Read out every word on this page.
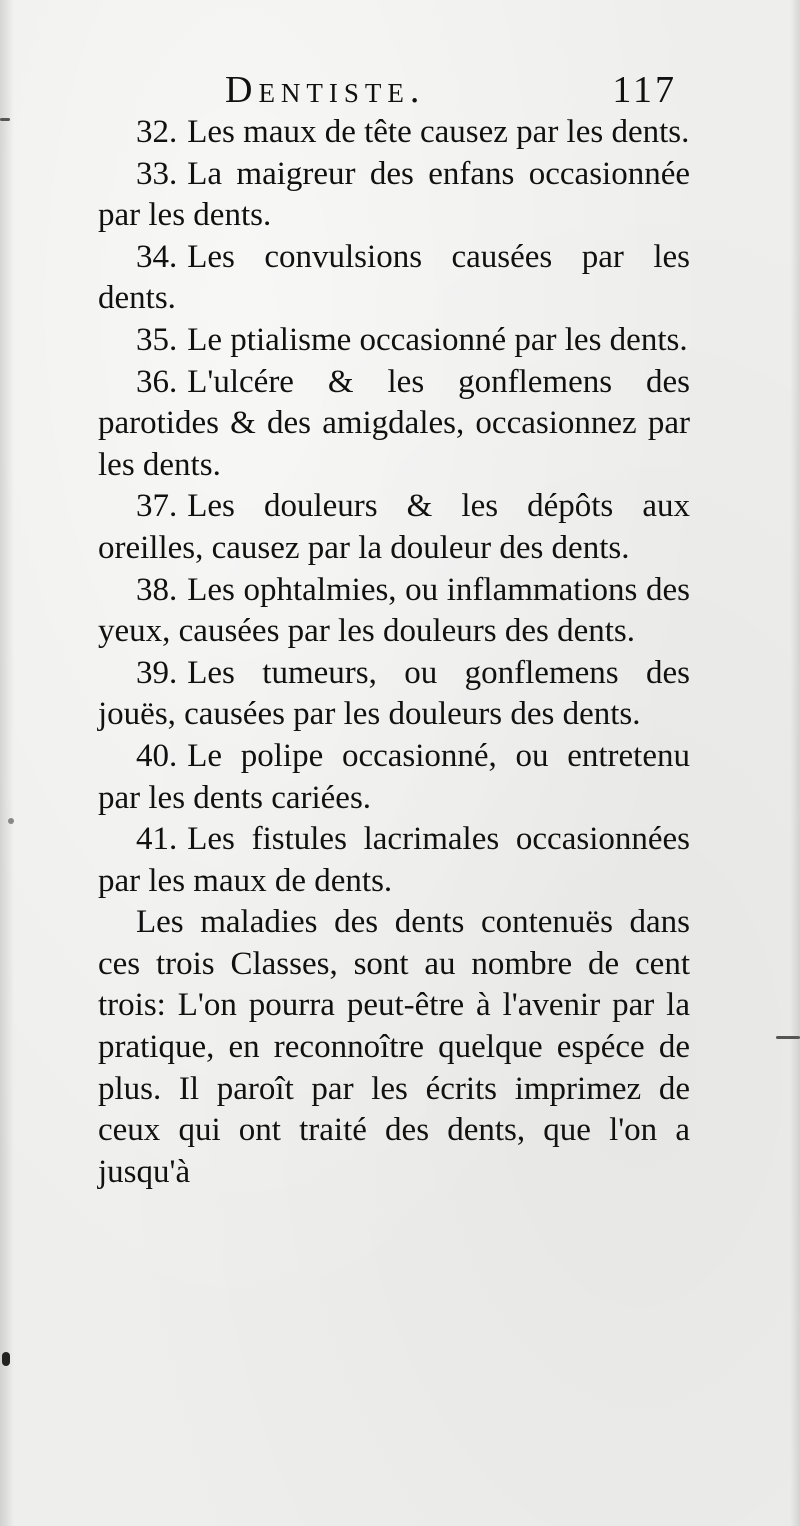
Dentiste.	117

32. Les maux de tête causez par les dents.

33. La maigreur des enfans occasionnée par les dents.

34. Les convulsions causées par les dents.

35. Le ptialisme occasionné par les dents.

36. L'ulcére & les gonflemens des parotides & des amigdales, occasionnez par les dents.

37. Les douleurs & les dépôts aux oreilles, causez par la douleur des dents.

38. Les ophtalmies, ou inflammations des yeux, causées par les douleurs des dents.

39. Les tumeurs, ou gonflemens des jouës, causées par les douleurs des dents.

40. Le polipe occasionné, ou entretenu par les dents cariées.

41. Les fistules lacrimales occasionnées par les maux de dents.

Les maladies des dents contenuës dans ces trois Classes, sont au nombre de cent trois: L'on pourra peut-être à l'avenir par la pratique, en reconnoître quelque espéce de plus. Il paroît par les écrits imprimez de ceux qui ont traité des dents, que l'on a jusqu'à
